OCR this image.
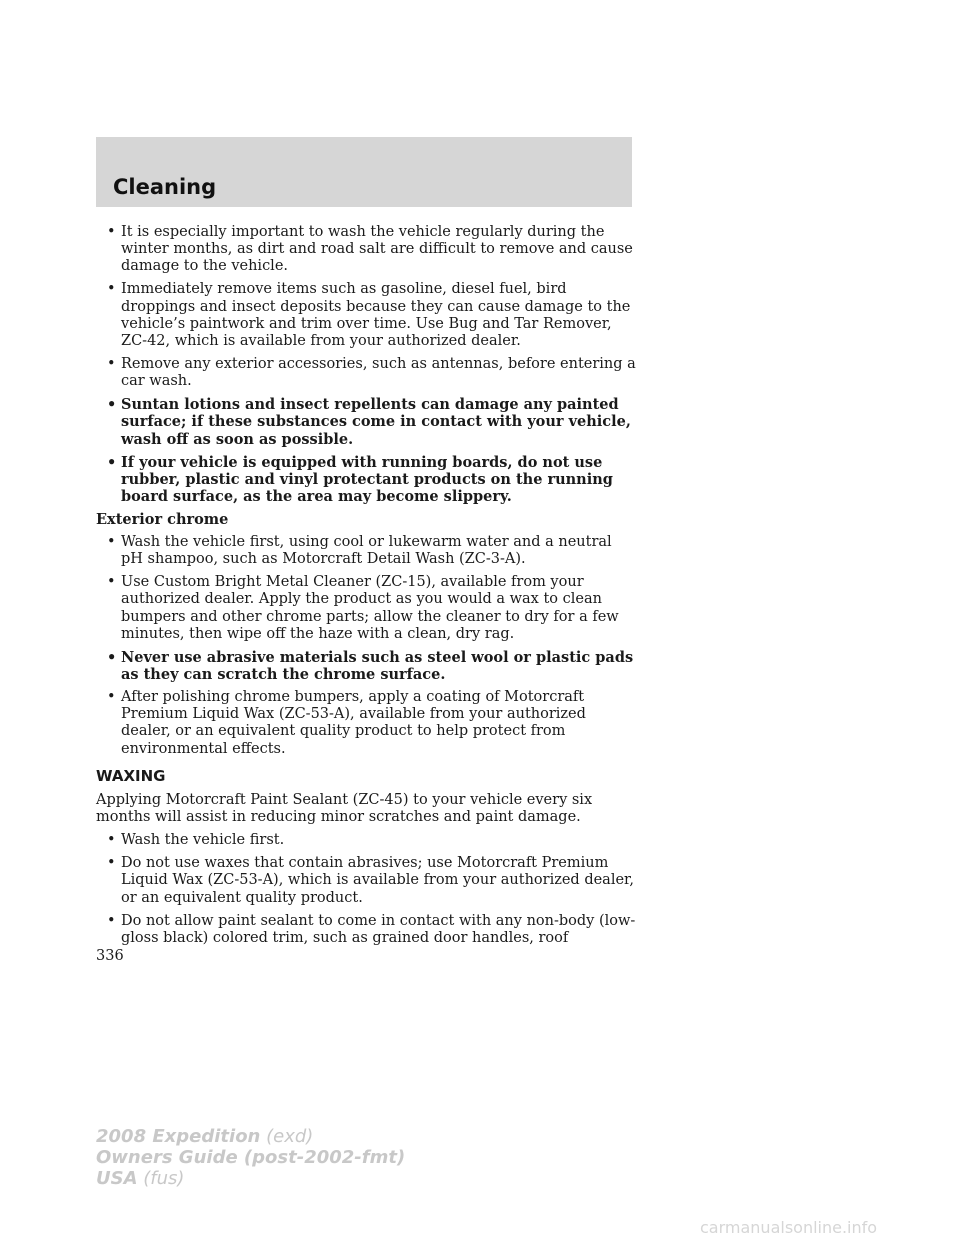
Cleaning
• It is especially important to wash the vehicle regularly during the winter months, as dirt and road salt are difficult to remove and cause damage to the vehicle.
• Immediately remove items such as gasoline, diesel fuel, bird droppings and insect deposits because they can cause damage to the vehicle’s paintwork and trim over time. Use Bug and Tar Remover, ZC-42, which is available from your authorized dealer.
• Remove any exterior accessories, such as antennas, before entering a car wash.
• Suntan lotions and insect repellents can damage any painted surface; if these substances come in contact with your vehicle, wash off as soon as possible.
• If your vehicle is equipped with running boards, do not use rubber, plastic and vinyl protectant products on the running board surface, as the area may become slippery.
Exterior chrome
• Wash the vehicle first, using cool or lukewarm water and a neutral pH shampoo, such as Motorcraft Detail Wash (ZC-3-A).
• Use Custom Bright Metal Cleaner (ZC-15), available from your authorized dealer. Apply the product as you would a wax to clean bumpers and other chrome parts; allow the cleaner to dry for a few minutes, then wipe off the haze with a clean, dry rag.
• Never use abrasive materials such as steel wool or plastic pads as they can scratch the chrome surface.
• After polishing chrome bumpers, apply a coating of Motorcraft Premium Liquid Wax (ZC-53-A), available from your authorized dealer, or an equivalent quality product to help protect from environmental effects.
WAXING
Applying Motorcraft Paint Sealant (ZC-45) to your vehicle every six months will assist in reducing minor scratches and paint damage.
• Wash the vehicle first.
• Do not use waxes that contain abrasives; use Motorcraft Premium Liquid Wax (ZC-53-A), which is available from your authorized dealer, or an equivalent quality product.
• Do not allow paint sealant to come in contact with any non-body (low-gloss black) colored trim, such as grained door handles, roof
336
2008 Expedition (exd)
Owners Guide (post-2002-fmt)
USA (fus)
carmanualsonline.info
